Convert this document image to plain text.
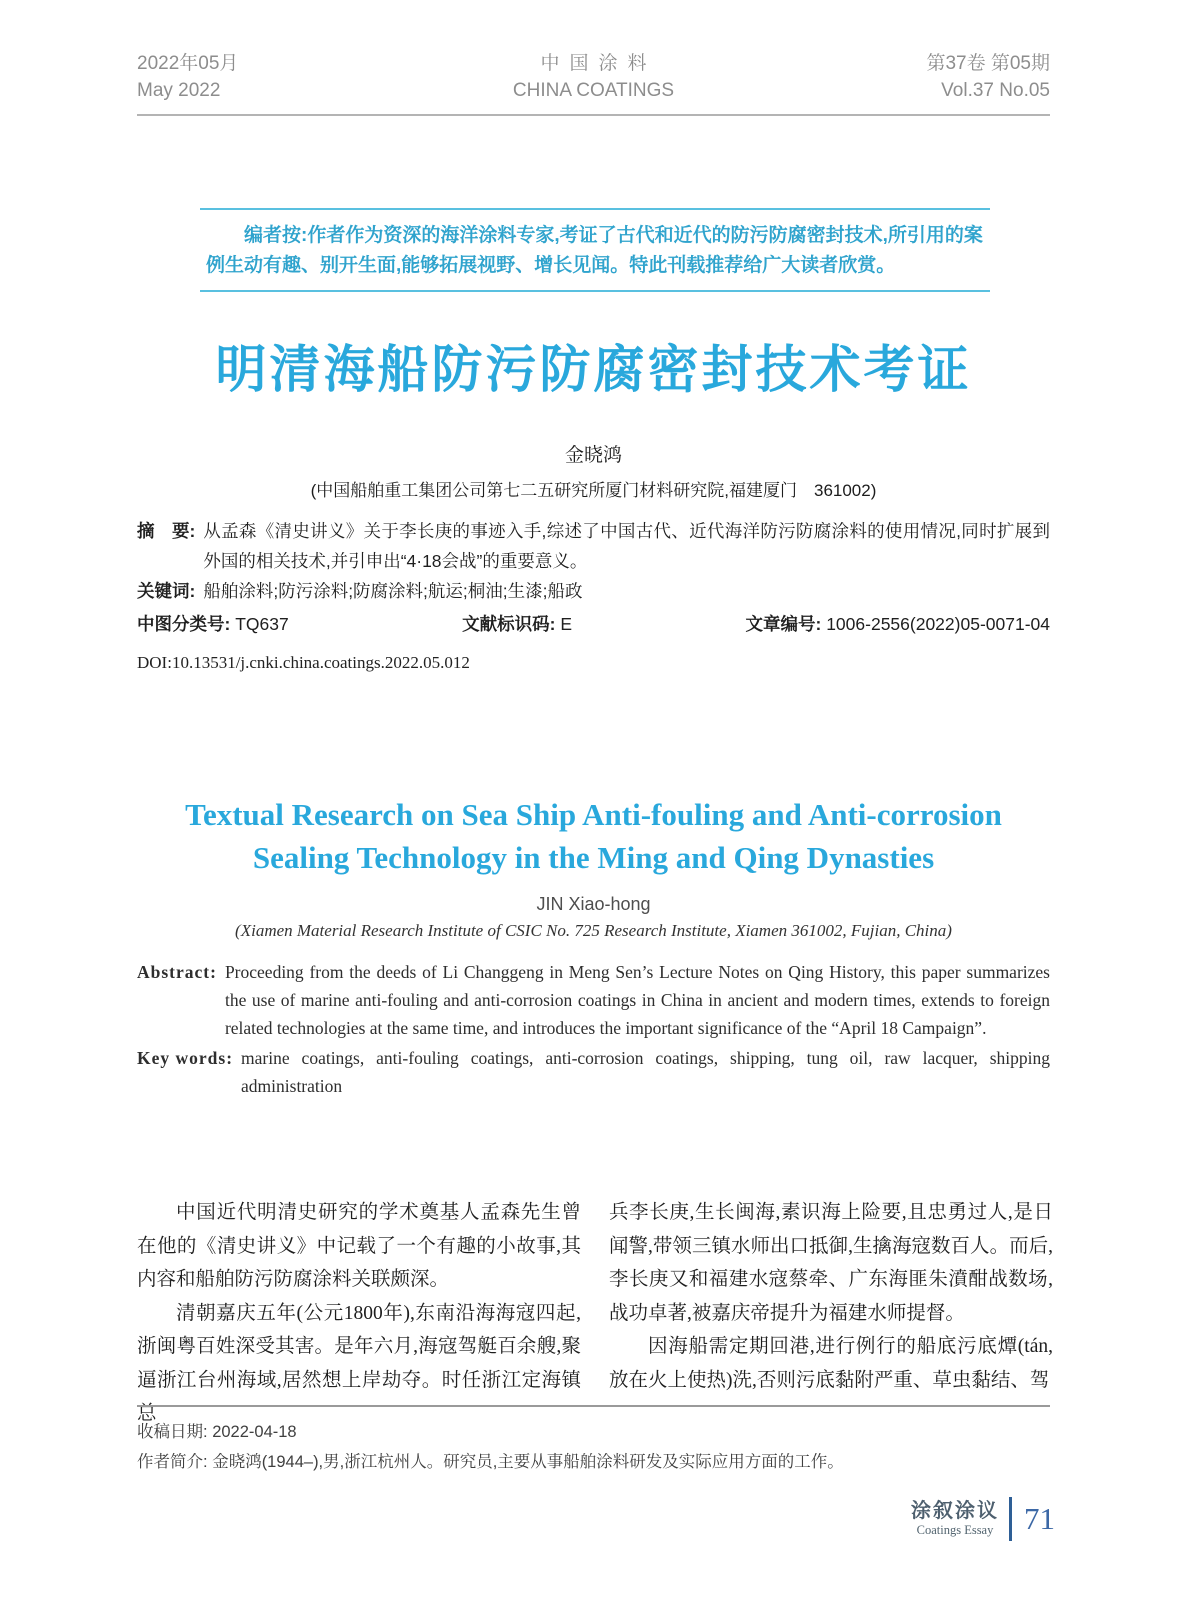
2022年05月	中国涂料	第37卷 第05期
May 2022	CHINA COATINGS	Vol.37 No.05

编者按:作者作为资深的海洋涂料专家,考证了古代和近代的防污防腐密封技术,所引用的案例生动有趣、别开生面,能够拓展视野、增长见闻。特此刊载推荐给广大读者欣赏。

明清海船防污防腐密封技术考证
金晓鸿
(中国船舶重工集团公司第七二五研究所厦门材料研究院,福建厦门　361002)
摘　要: 从孟森《清史讲义》关于李长庚的事迹入手,综述了中国古代、近代海洋防污防腐涂料的使用情况,同时扩展到外国的相关技术,并引申出“4·18会战”的重要意义。
关键词: 船舶涂料;防污涂料;防腐涂料;航运;桐油;生漆;船政
中图分类号: TQ637	文献标识码: E	文章编号: 1006-2556(2022)05-0071-04
DOI:10.13531/j.cnki.china.coatings.2022.05.012
Textual Research on Sea Ship Anti-fouling and Anti-corrosion
Sealing Technology in the Ming and Qing Dynasties
JIN Xiao-hong
(Xiamen Material Research Institute of CSIC No. 725 Research Institute, Xiamen 361002, Fujian, China)
Abstract: Proceeding from the deeds of Li Changgeng in Meng Sen’s Lecture Notes on Qing History, this paper summarizes the use of marine anti-fouling and anti-corrosion coatings in China in ancient and modern times, extends to foreign related technologies at the same time, and introduces the important significance of the “April 18 Campaign”.
Key words: marine coatings, anti-fouling coatings, anti-corrosion coatings, shipping, tung oil, raw lacquer, shipping administration

中国近代明清史研究的学术奠基人孟森先生曾在他的《清史讲义》中记载了一个有趣的小故事,其内容和船舶防污防腐涂料关联颇深。

清朝嘉庆五年(公元1800年),东南沿海海寇四起,浙闽粤百姓深受其害。是年六月,海寇驾艇百余艘,聚逼浙江台州海域,居然想上岸劫夺。时任浙江定海镇总

兵李长庚,生长闽海,素识海上险要,且忠勇过人,是日闻警,带领三镇水师出口抵御,生擒海寇数百人。而后,李长庚又和福建水寇蔡牵、广东海匪朱濆酣战数场,战功卓著,被嘉庆帝提升为福建水师提督。

因海船需定期回港,进行例行的船底污底燂(tán,放在火上使热)洗,否则污底黏附严重、草虫黏结、驾

收稿日期: 2022-04-18
作者简介: 金晓鸿(1944–),男,浙江杭州人。研究员,主要从事船舶涂料研发及实际应用方面的工作。
涂叙涂议
Coatings Essay 71
